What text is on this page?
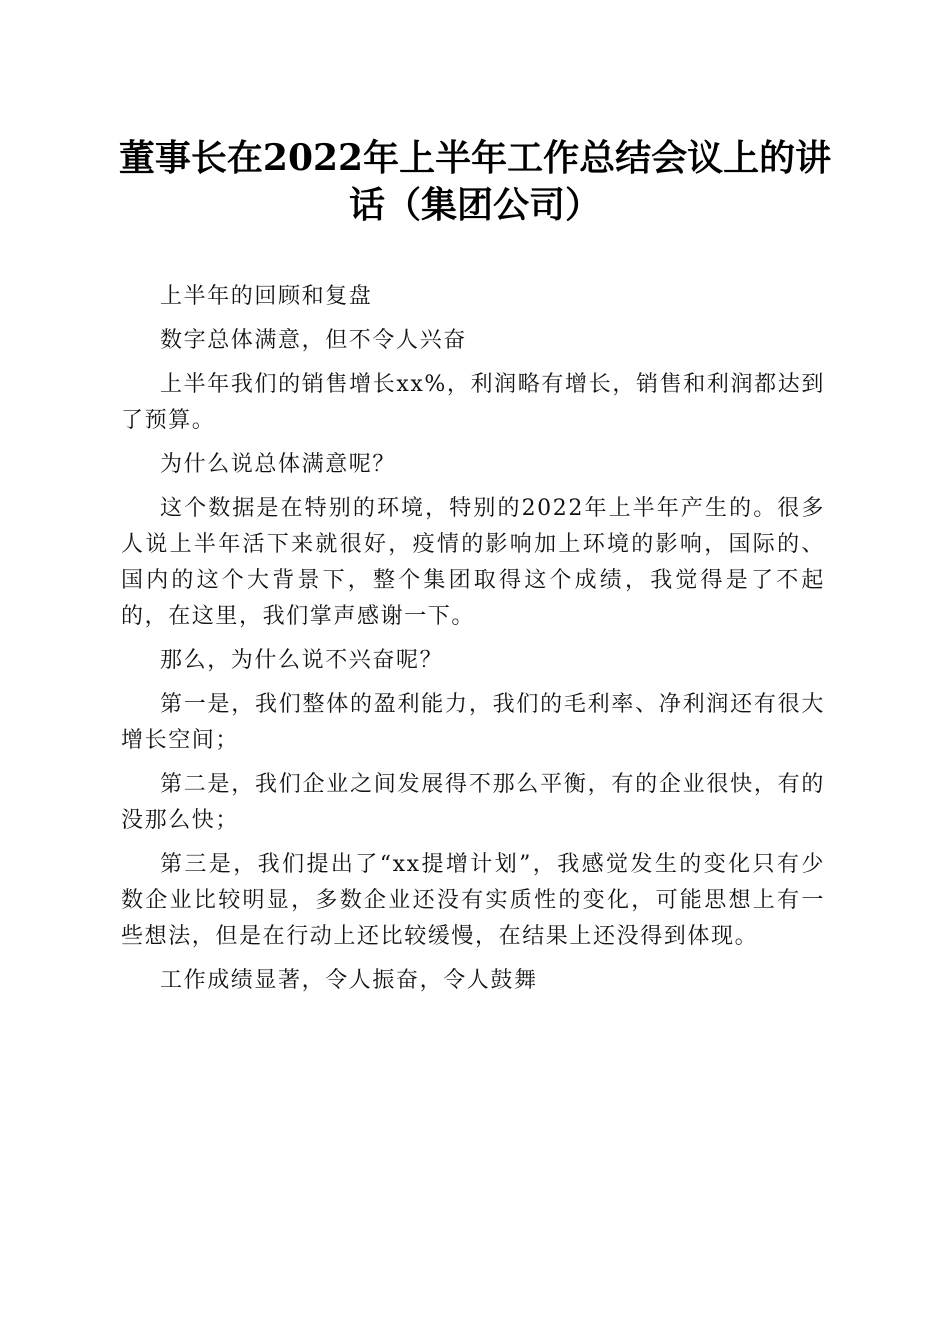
董事长在2022年上半年工作总结会议上的讲话（集团公司）

上半年的回顾和复盘

数字总体满意，但不令人兴奋

上半年我们的销售增长xx%，利润略有增长，销售和利润都达到了预算。

为什么说总体满意呢？

这个数据是在特别的环境，特别的2022年上半年产生的。很多人说上半年活下来就很好，疫情的影响加上环境的影响，国际的、国内的这个大背景下，整个集团取得这个成绩，我觉得是了不起的，在这里，我们掌声感谢一下。

那么，为什么说不兴奋呢？

第一是，我们整体的盈利能力，我们的毛利率、净利润还有很大增长空间；

第二是，我们企业之间发展得不那么平衡，有的企业很快，有的没那么快；

第三是，我们提出了“xx提增计划”，我感觉发生的变化只有少数企业比较明显，多数企业还没有实质性的变化，可能思想上有一些想法，但是在行动上还比较缓慢，在结果上还没得到体现。

工作成绩显著，令人振奋，令人鼓舞
